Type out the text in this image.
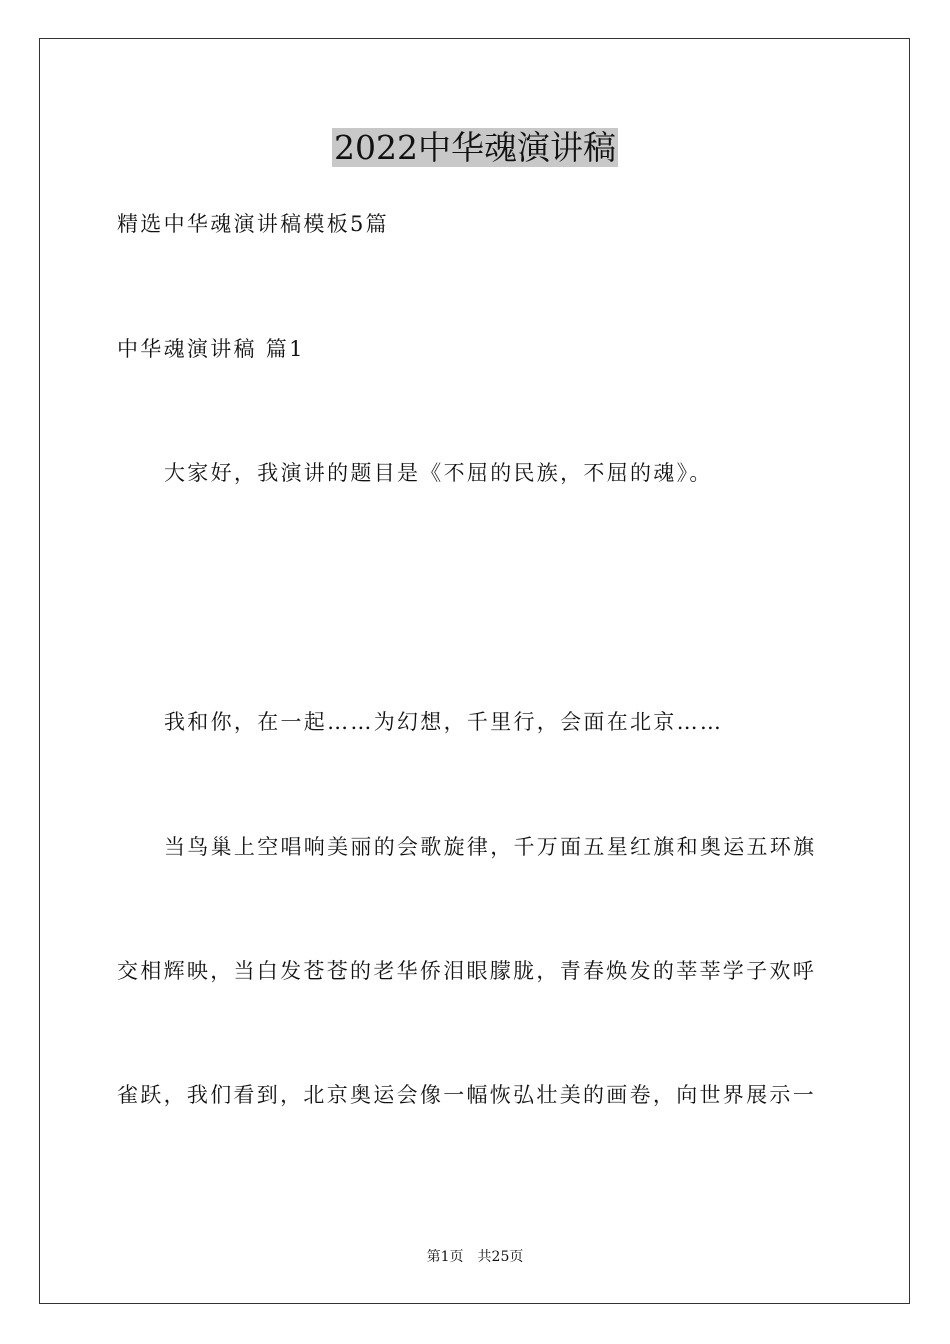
2022中华魂演讲稿
精选中华魂演讲稿模板5篇
中华魂演讲稿 篇1
大家好，我演讲的题目是《不屈的民族，不屈的魂》。
我和你，在一起……为幻想，千里行，会面在北京……
当鸟巢上空唱响美丽的会歌旋律，千万面五星红旗和奥运五环旗
交相辉映，当白发苍苍的老华侨泪眼朦胧，青春焕发的莘莘学子欢呼
雀跃，我们看到，北京奥运会像一幅恢弘壮美的画卷，向世界展示一
第1页　共25页
